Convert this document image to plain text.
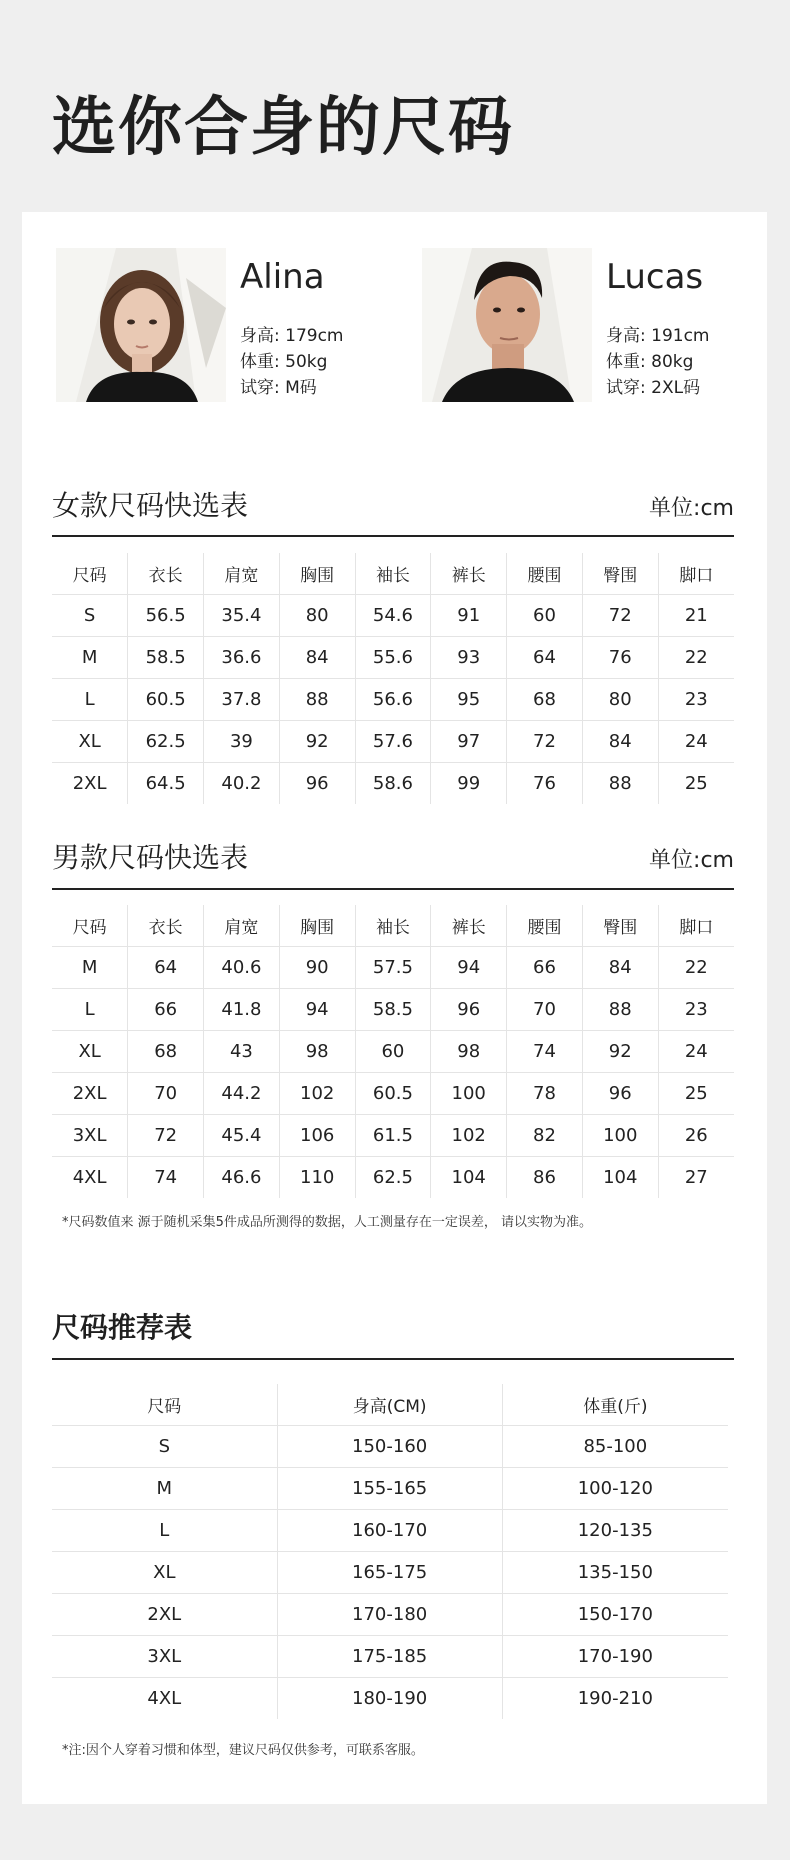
选你合身的尺码
Alina
身高: 179cm
体重: 50kg
试穿: M码
Lucas
身高: 191cm
体重: 80kg
试穿: 2XL码
女款尺码快选表	单位:cm
尺码	衣长	肩宽	胸围	袖长	裤长	腰围	臀围	脚口
S	56.5	35.4	80	54.6	91	60	72	21
M	58.5	36.6	84	55.6	93	64	76	22
L	60.5	37.8	88	56.6	95	68	80	23
XL	62.5	39	92	57.6	97	72	84	24
2XL	64.5	40.2	96	58.6	99	76	88	25
男款尺码快选表	单位:cm
尺码	衣长	肩宽	胸围	袖长	裤长	腰围	臀围	脚口
M	64	40.6	90	57.5	94	66	84	22
L	66	41.8	94	58.5	96	70	88	23
XL	68	43	98	60	98	74	92	24
2XL	70	44.2	102	60.5	100	78	96	25
3XL	72	45.4	106	61.5	102	82	100	26
4XL	74	46.6	110	62.5	104	86	104	27
*尺码数值来 源于随机采集5件成品所测得的数据，人工测量存在一定误差， 请以实物为准。
尺码推荐表
尺码	身高(CM)	体重(斤)
S	150-160	85-100
M	155-165	100-120
L	160-170	120-135
XL	165-175	135-150
2XL	170-180	150-170
3XL	175-185	170-190
4XL	180-190	190-210
*注:因个人穿着习惯和体型，建议尺码仅供参考，可联系客服。
